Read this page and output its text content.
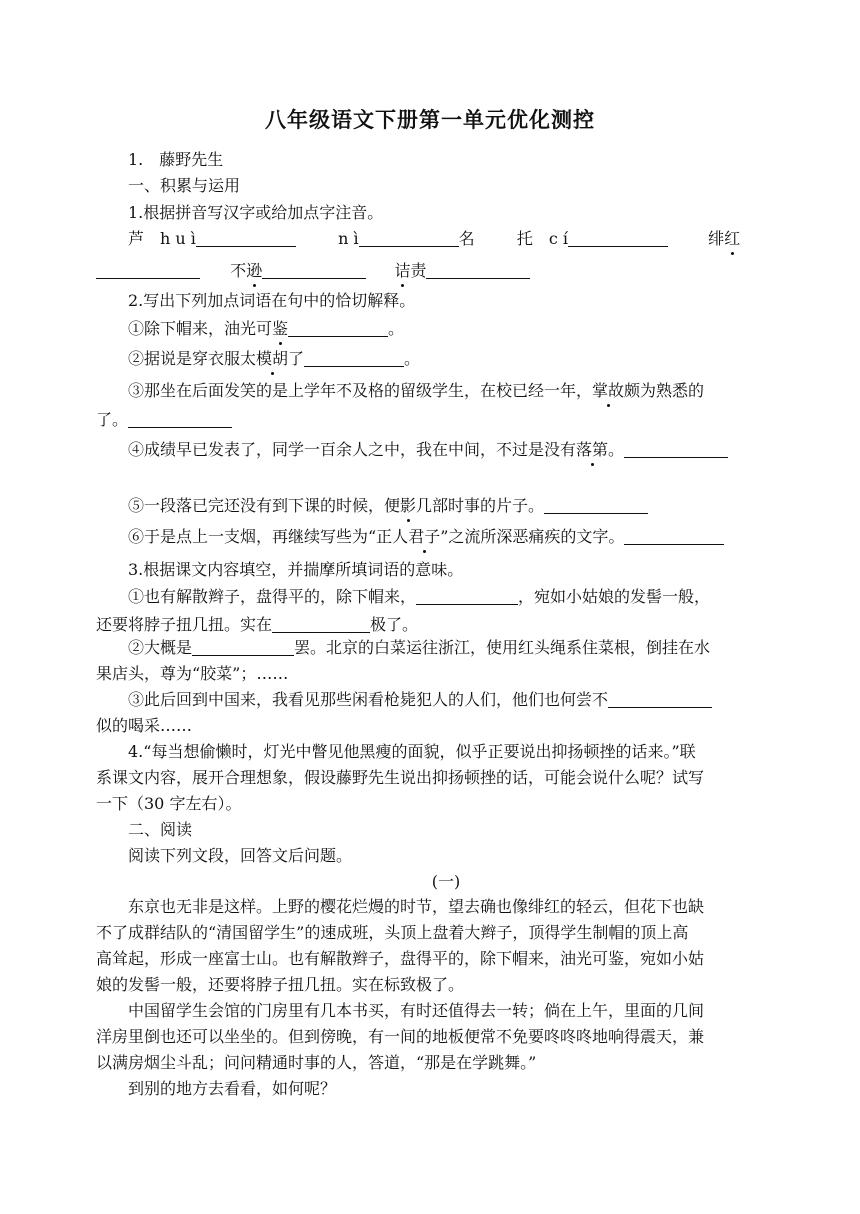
八年级语文下册第一单元优化测控
1.　藤野先生
一、积累与运用
1.根据拼音写汉字或给加点字注音。
芦　h u ì	n ì	名	托　c í	绯红
不逊	诘责
2.写出下列加点词语在句中的恰切解释。
①除下帽来，油光可鉴	。
②据说是穿衣服太模胡了	。
③那坐在后面发笑的是上学年不及格的留级学生，在校已经一年，掌故颇为熟悉的
了。
④成绩早已发表了，同学一百余人之中，我在中间，不过是没有落第。
⑤一段落已完还没有到下课的时候，便影几部时事的片子。
⑥于是点上一支烟，再继续写些为“正人君子”之流所深恶痛疾的文字。
3.根据课文内容填空，并揣摩所填词语的意味。
①也有解散辫子，盘得平的，除下帽来，	，宛如小姑娘的发髻一般，
还要将脖子扭几扭。实在	极了。
②大概是	罢。北京的白菜运往浙江，使用红头绳系住菜根，倒挂在水
果店头，尊为“胶菜”；……
③此后回到中国来，我看见那些闲看枪毙犯人的人们，他们也何尝不
似的喝采……
4.“每当想偷懒时，灯光中瞥见他黑瘦的面貌，似乎正要说出抑扬顿挫的话来。”联
系课文内容，展开合理想象，假设藤野先生说出抑扬顿挫的话，可能会说什么呢？试写
一下（30 字左右）。
二、阅读
阅读下列文段，回答文后问题。
(一)
东京也无非是这样。上野的樱花烂熳的时节，望去确也像绯红的轻云，但花下也缺
不了成群结队的“清国留学生”的速成班，头顶上盘着大辫子，顶得学生制帽的顶上高
高耸起，形成一座富士山。也有解散辫子，盘得平的，除下帽来，油光可鉴，宛如小姑
娘的发髻一般，还要将脖子扭几扭。实在标致极了。
中国留学生会馆的门房里有几本书买，有时还值得去一转；倘在上午，里面的几间
洋房里倒也还可以坐坐的。但到傍晚，有一间的地板便常不免要咚咚咚地响得震天，兼
以满房烟尘斗乱；问问精通时事的人，答道，“那是在学跳舞。”
到别的地方去看看，如何呢？
